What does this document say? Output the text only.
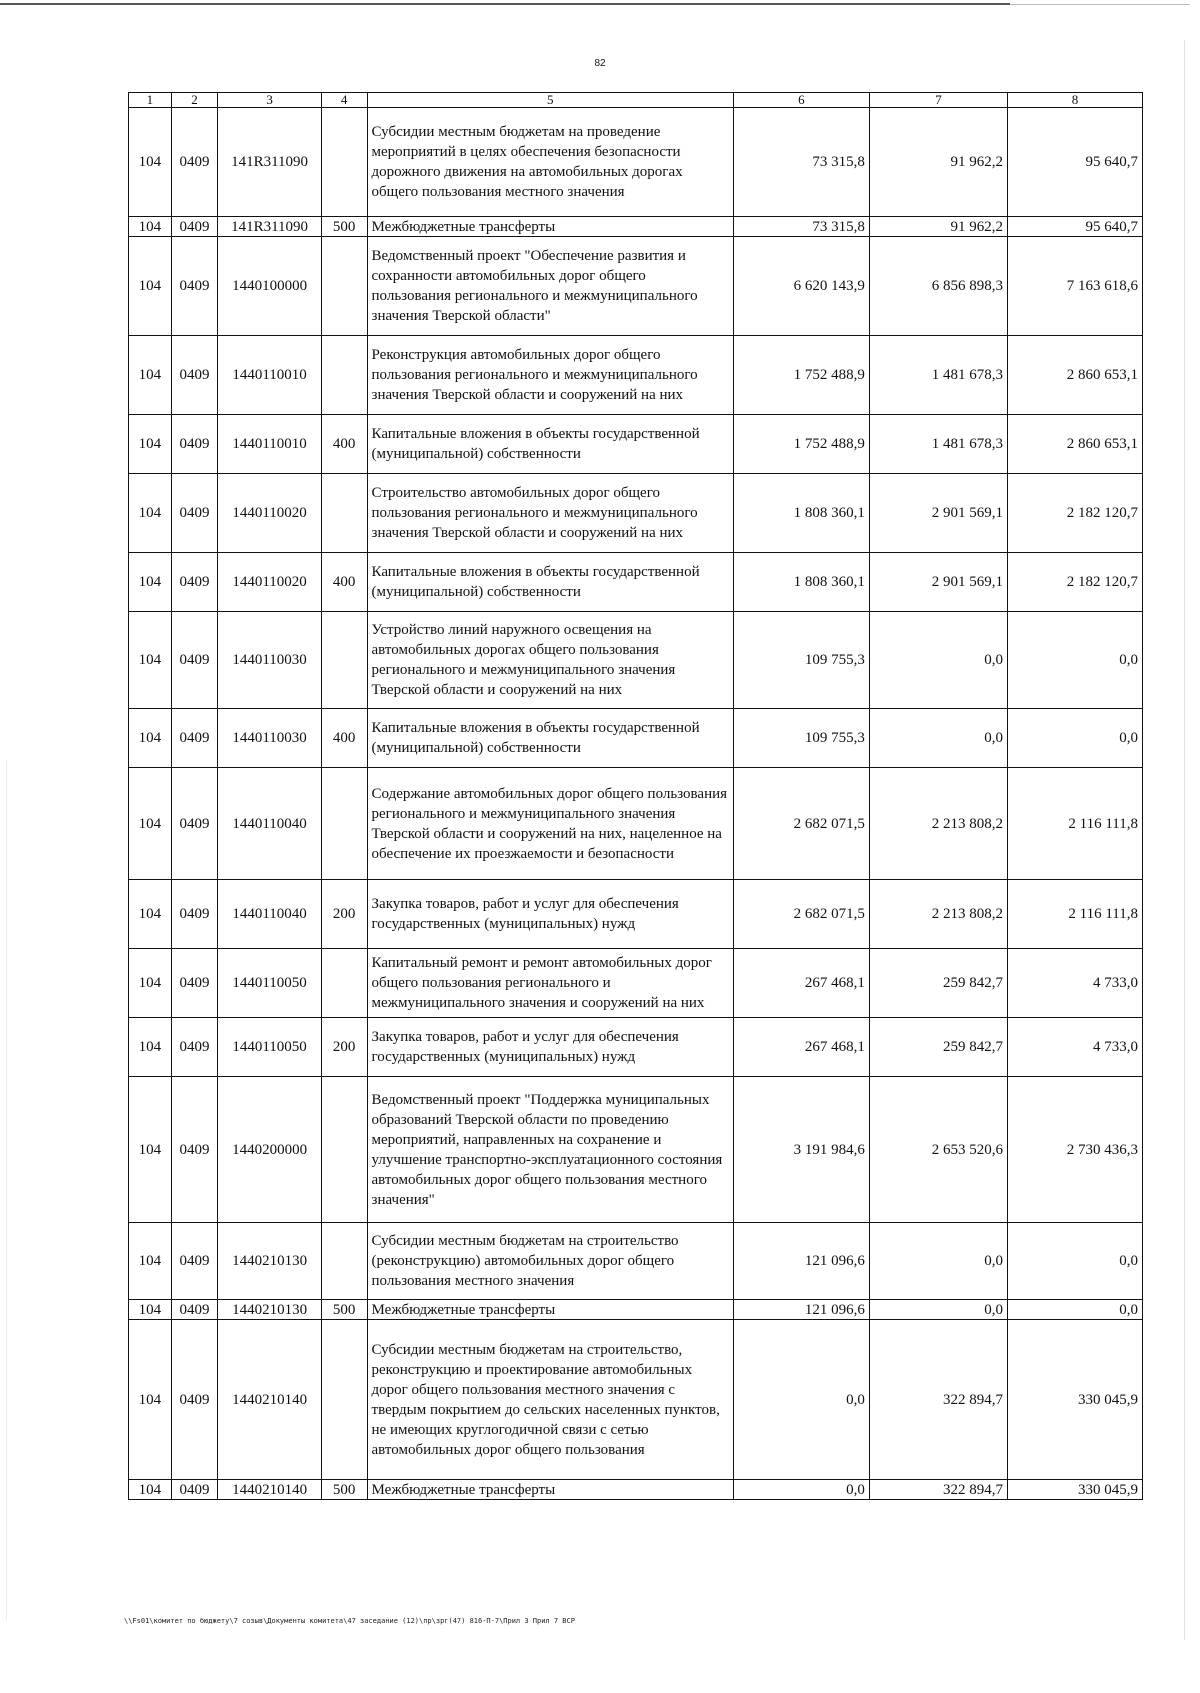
82
1	2	3	4	5	6	7	8
104	0409	141R311090		Субсидии местным бюджетам на проведение мероприятий в целях обеспечения безопасности дорожного движения на автомобильных дорогах общего пользования местного значения	73 315,8	91 962,2	95 640,7
104	0409	141R311090	500	Межбюджетные трансферты	73 315,8	91 962,2	95 640,7
104	0409	1440100000		Ведомственный проект "Обеспечение развития и сохранности автомобильных дорог общего пользования регионального и межмуниципального значения Тверской области"	6 620 143,9	6 856 898,3	7 163 618,6
104	0409	1440110010		Реконструкция автомобильных дорог общего пользования регионального и межмуниципального значения Тверской области и сооружений на них	1 752 488,9	1 481 678,3	2 860 653,1
104	0409	1440110010	400	Капитальные вложения в объекты государственной (муниципальной) собственности	1 752 488,9	1 481 678,3	2 860 653,1
104	0409	1440110020		Строительство автомобильных дорог общего пользования регионального и межмуниципального значения Тверской области и сооружений на них	1 808 360,1	2 901 569,1	2 182 120,7
104	0409	1440110020	400	Капитальные вложения в объекты государственной (муниципальной) собственности	1 808 360,1	2 901 569,1	2 182 120,7
104	0409	1440110030		Устройство линий наружного освещения на автомобильных дорогах общего пользования регионального и межмуниципального значения Тверской области и сооружений на них	109 755,3	0,0	0,0
104	0409	1440110030	400	Капитальные вложения в объекты государственной (муниципальной) собственности	109 755,3	0,0	0,0
104	0409	1440110040		Содержание автомобильных дорог общего пользования регионального и межмуниципального значения Тверской области и сооружений на них, нацеленное на обеспечение их проезжаемости и безопасности	2 682 071,5	2 213 808,2	2 116 111,8
104	0409	1440110040	200	Закупка товаров, работ и услуг для обеспечения государственных (муниципальных) нужд	2 682 071,5	2 213 808,2	2 116 111,8
104	0409	1440110050		Капитальный ремонт и ремонт автомобильных дорог общего пользования регионального и межмуниципального значения и сооружений на них	267 468,1	259 842,7	4 733,0
104	0409	1440110050	200	Закупка товаров, работ и услуг для обеспечения государственных (муниципальных) нужд	267 468,1	259 842,7	4 733,0
104	0409	1440200000		Ведомственный проект "Поддержка муниципальных образований Тверской области по проведению мероприятий, направленных на сохранение и улучшение транспортно-эксплуатационного состояния автомобильных дорог общего пользования местного значения"	3 191 984,6	2 653 520,6	2 730 436,3
104	0409	1440210130		Субсидии местным бюджетам на строительство (реконструкцию) автомобильных дорог общего пользования местного значения	121 096,6	0,0	0,0
104	0409	1440210130	500	Межбюджетные трансферты	121 096,6	0,0	0,0
104	0409	1440210140		Субсидии местным бюджетам на строительство, реконструкцию и проектирование автомобильных дорог общего пользования местного значения с твердым покрытием до сельских населенных пунктов, не имеющих круглогодичной связи с сетью автомобильных дорог общего пользования	0,0	322 894,7	330 045,9
104	0409	1440210140	500	Межбюджетные трансферты	0,0	322 894,7	330 045,9
\\Fs01\комитет по бюджету\7 созыв\Документы комитета\47 заседание (12)\пр\зрг(47) 816-П-7\Прил 3 Прил 7 ВСР
